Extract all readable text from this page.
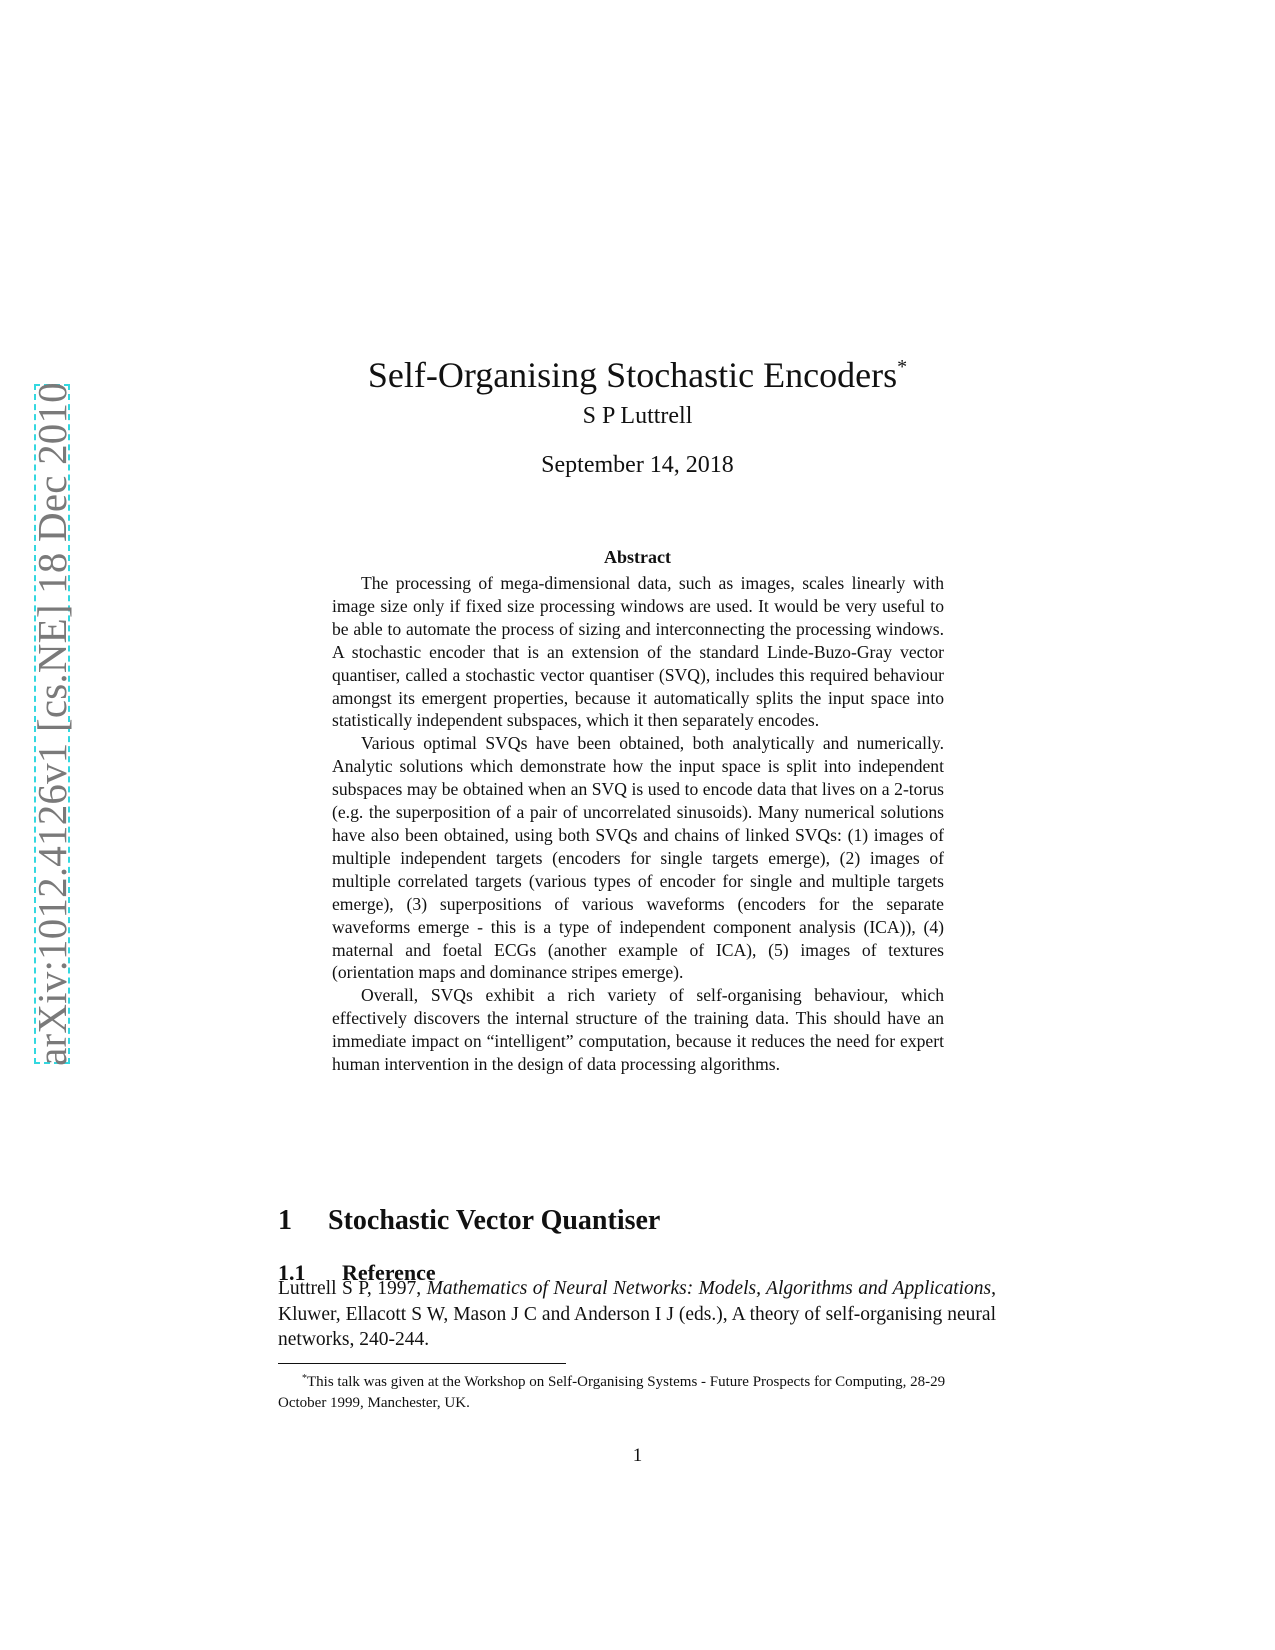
arXiv:1012.4126v1 [cs.NE] 18 Dec 2010
Self-Organising Stochastic Encoders*
S P Luttrell
September 14, 2018
Abstract

The processing of mega-dimensional data, such as images, scales linearly with image size only if fixed size processing windows are used. It would be very useful to be able to automate the process of sizing and interconnecting the processing windows. A stochastic encoder that is an extension of the standard Linde-Buzo-Gray vector quantiser, called a stochastic vector quantiser (SVQ), includes this required behaviour amongst its emergent properties, because it automatically splits the input space into statistically independent subspaces, which it then separately encodes.

Various optimal SVQs have been obtained, both analytically and numerically. Analytic solutions which demonstrate how the input space is split into independent subspaces may be obtained when an SVQ is used to encode data that lives on a 2-torus (e.g. the superposition of a pair of uncorrelated sinusoids). Many numerical solutions have also been obtained, using both SVQs and chains of linked SVQs: (1) images of multiple independent targets (encoders for single targets emerge), (2) images of multiple correlated targets (various types of encoder for single and multiple targets emerge), (3) superpositions of various waveforms (encoders for the separate waveforms emerge - this is a type of independent component analysis (ICA)), (4) maternal and foetal ECGs (another example of ICA), (5) images of textures (orientation maps and dominance stripes emerge).

Overall, SVQs exhibit a rich variety of self-organising behaviour, which effectively discovers the internal structure of the training data. This should have an immediate impact on “intelligent” computation, because it reduces the need for expert human intervention in the design of data processing algorithms.

1 Stochastic Vector Quantiser
1.1 Reference

Luttrell S P, 1997, Mathematics of Neural Networks: Models, Algorithms and Applications, Kluwer, Ellacott S W, Mason J C and Anderson I J (eds.), A theory of self-organising neural networks, 240-244.

*This talk was given at the Workshop on Self-Organising Systems - Future Prospects for Computing, 28-29 October 1999, Manchester, UK.

1
